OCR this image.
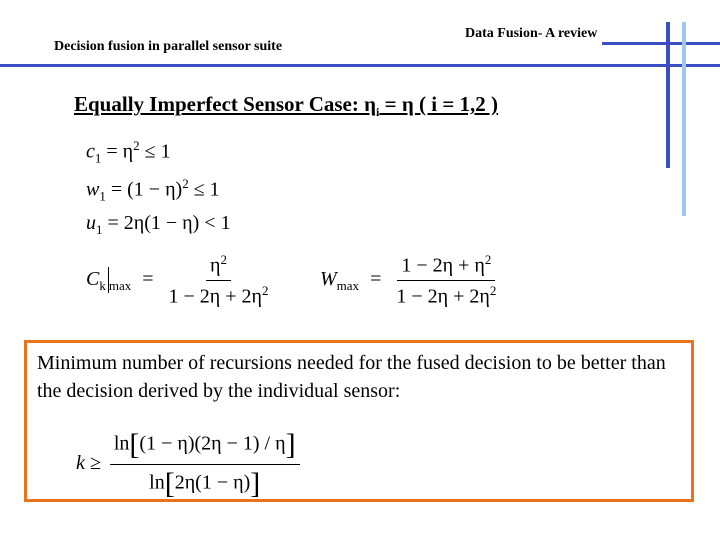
Decision fusion in parallel sensor suite
Data Fusion- A review
Equally Imperfect Sensor Case: $\eta_i = \eta$ ( i = 1,2 )
$c_1 = \eta^2 \le 1$
$w_1 = (1 - \eta)^2 \le 1$
$u_1 = 2\eta(1 - \eta) < 1$
$C_k$ $_{max} = \frac{\eta^2}{1 - 2\eta + 2\eta^2} W_{max} = \frac{1 - 2\eta + \eta^2}{1 - 2\eta + 2\eta^2}$
Minimum number of recursions needed for the fused decision to be better than the decision derived by the individual sensor:
$k \ge \frac{\ln[(1 - \eta)(2\eta - 1) / \eta]}{\ln[2\eta(1 - \eta)]}$
